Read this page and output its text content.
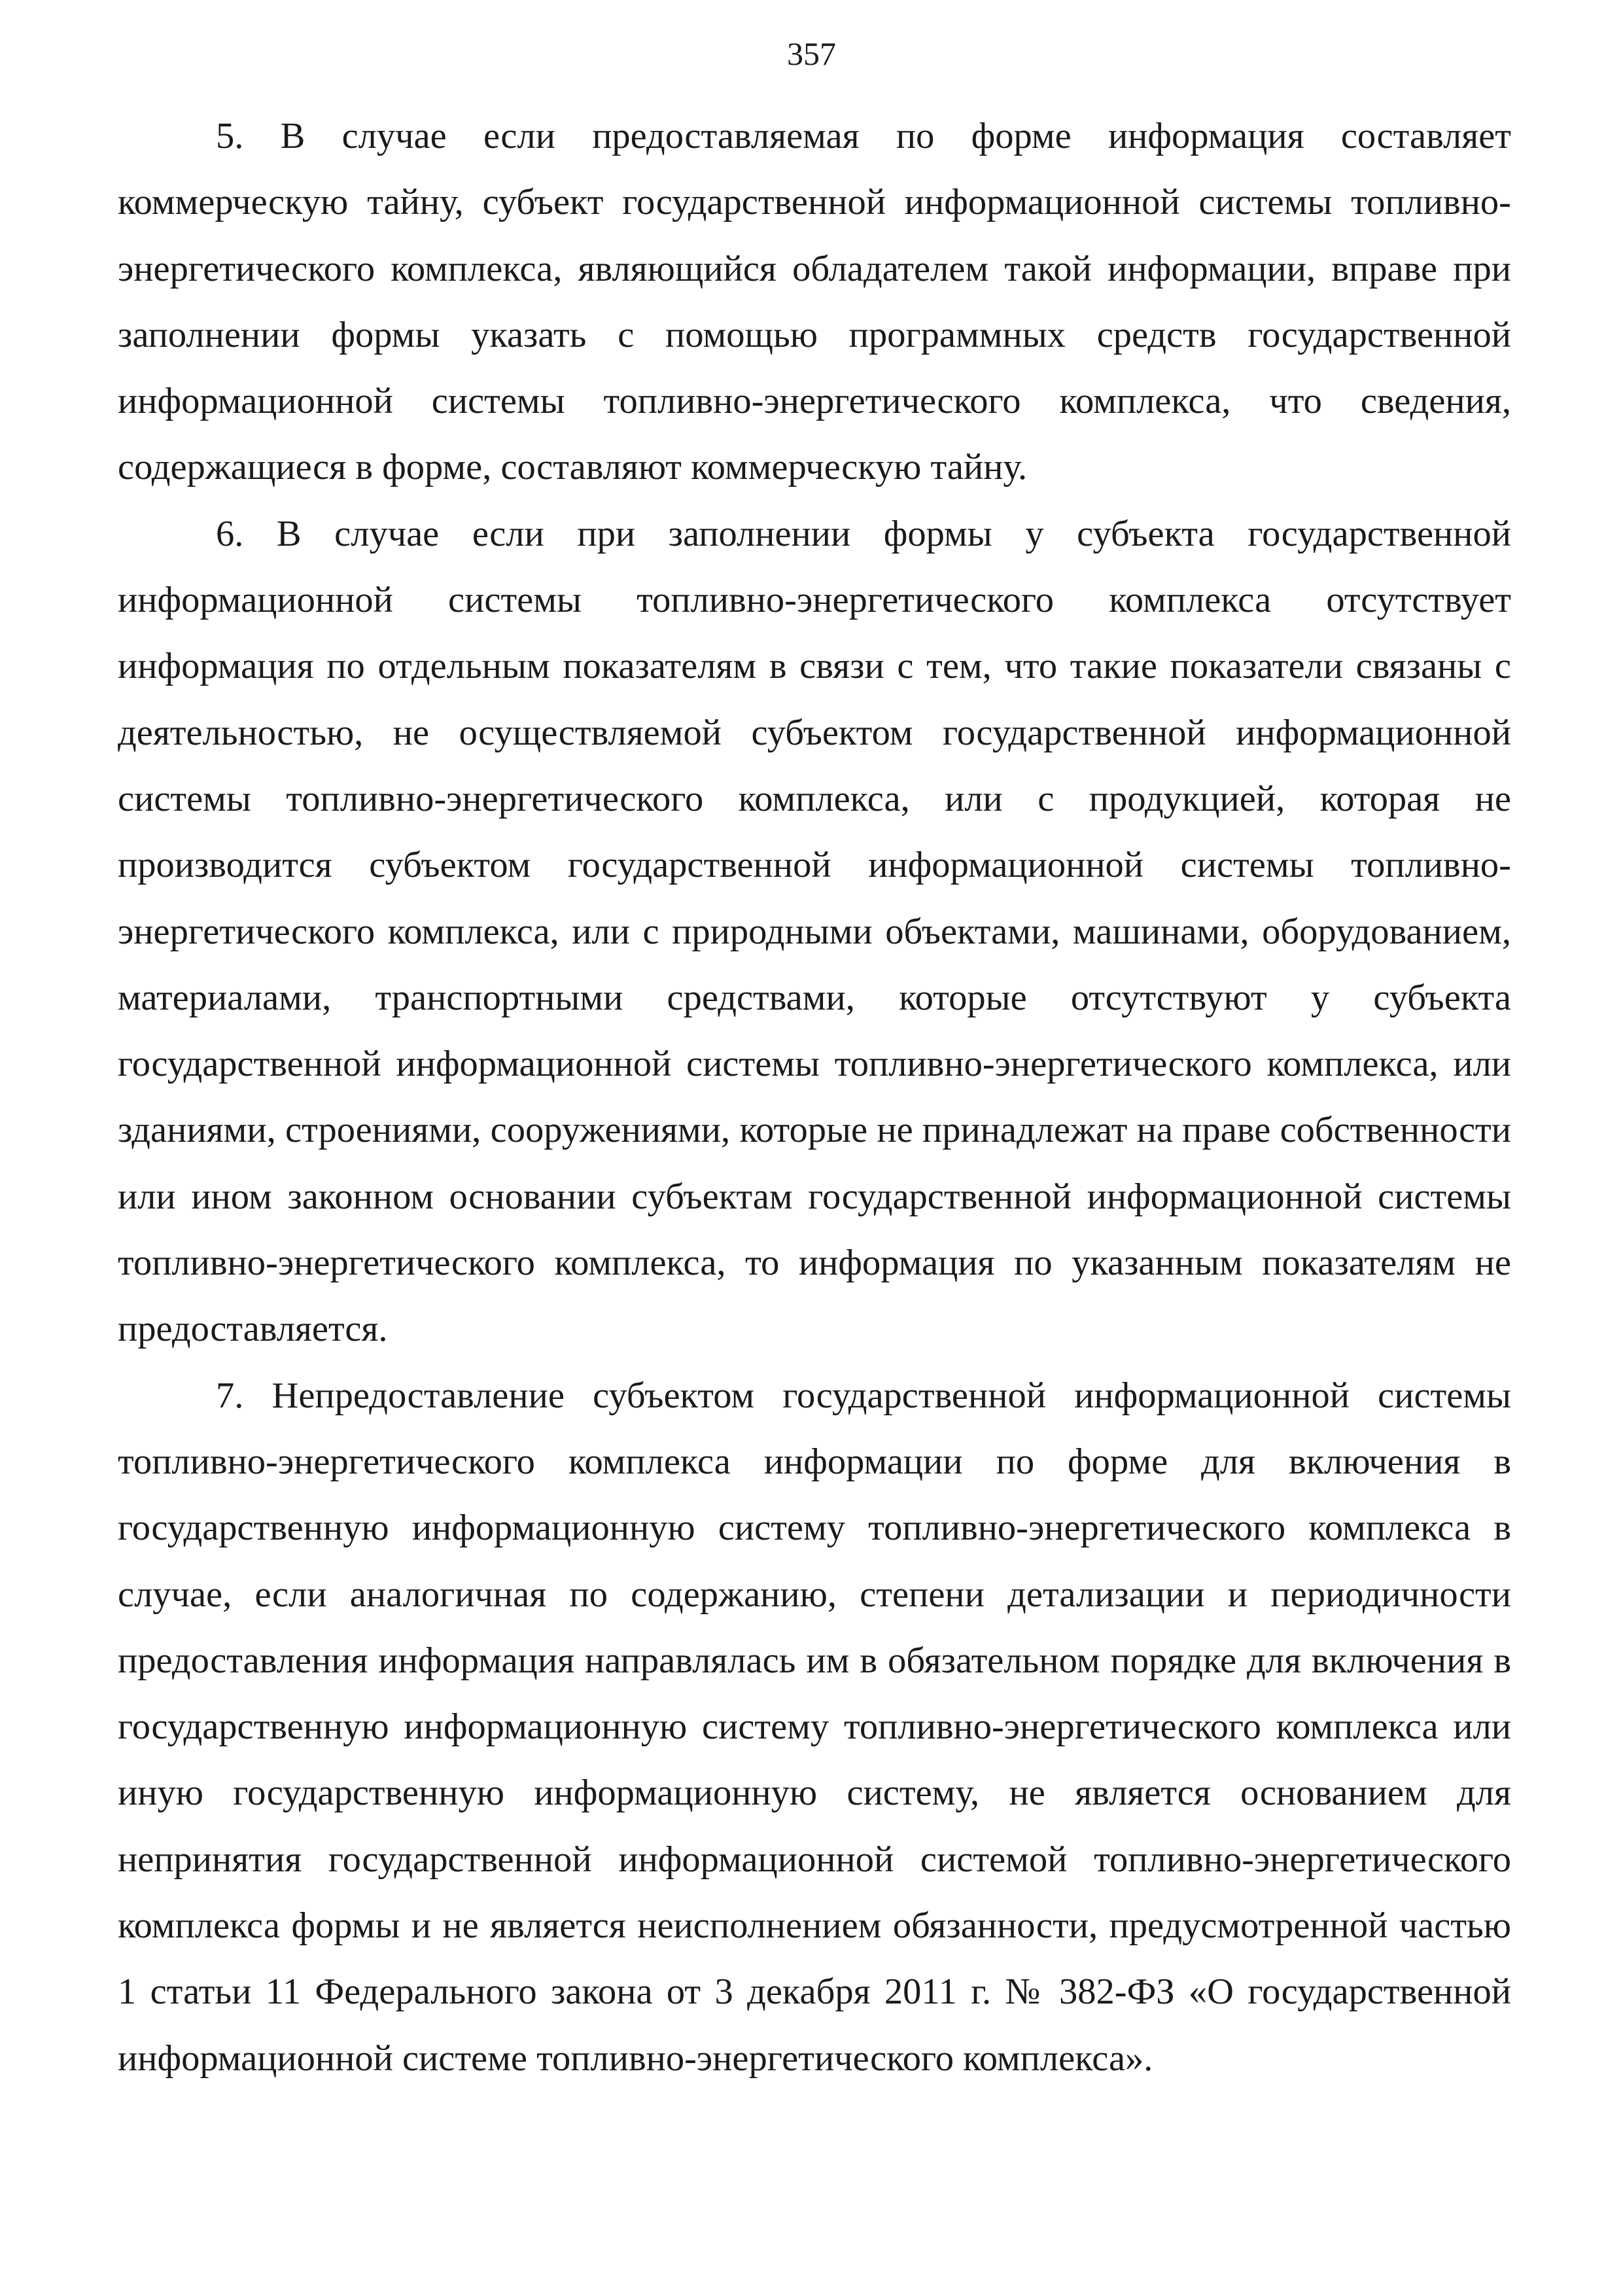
357

5. В случае если предоставляемая по форме информация составляет коммерческую тайну, субъект государственной информационной системы топливно-энергетического комплекса, являющийся обладателем такой информации, вправе при заполнении формы указать с помощью программных средств государственной информационной системы топливно-энергетического комплекса, что сведения, содержащиеся в форме, составляют коммерческую тайну.

6. В случае если при заполнении формы у субъекта государственной информационной системы топливно-энергетического комплекса отсутствует информация по отдельным показателям в связи с тем, что такие показатели связаны с деятельностью, не осуществляемой субъектом государственной информационной системы топливно-энергетического комплекса, или с продукцией, которая не производится субъектом государственной информационной системы топливно-энергетического комплекса, или с природными объектами, машинами, оборудованием, материалами, транспортными средствами, которые отсутствуют у субъекта государственной информационной системы топливно-энергетического комплекса, или зданиями, строениями, сооружениями, которые не принадлежат на праве собственности или ином законном основании субъектам государственной информационной системы топливно-энергетического комплекса, то информация по указанным показателям не предоставляется.

7. Непредоставление субъектом государственной информационной системы топливно-энергетического комплекса информации по форме для включения в государственную информационную систему топливно-энергетического комплекса в случае, если аналогичная по содержанию, степени детализации и периодичности предоставления информация направлялась им в обязательном порядке для включения в государственную информационную систему топливно-энергетического комплекса или иную государственную информационную систему, не является основанием для непринятия государственной информационной системой топливно-энергетического комплекса формы и не является неисполнением обязанности, предусмотренной частью 1 статьи 11 Федерального закона от 3 декабря 2011 г. № 382-ФЗ «О государственной информационной системе топливно-энергетического комплекса».
